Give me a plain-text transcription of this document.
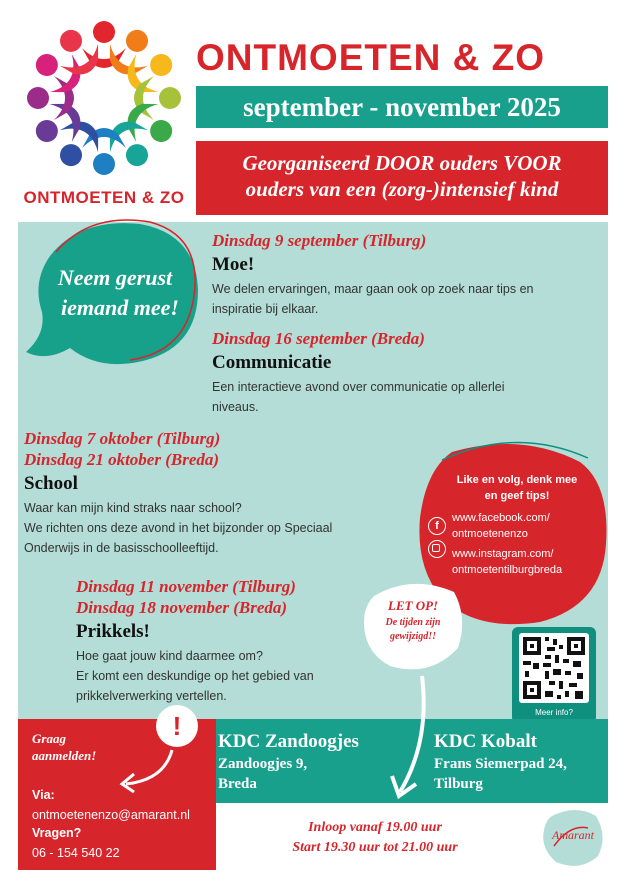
ONTMOETEN & ZO
ONTMOETEN & ZO
september - november 2025
Georganiseerd DOOR ouders VOOR
ouders van een (zorg-)intensief kind
Neem gerust
iemand mee!
Dinsdag 9 september (Tilburg)
Moe!
We delen ervaringen, maar gaan ook op zoek naar tips en
inspiratie bij elkaar.
Dinsdag 16 september (Breda)
Communicatie
Een interactieve avond over communicatie op allerlei
niveaus.
Dinsdag 7 oktober (Tilburg)
Dinsdag 21 oktober (Breda)
School
Waar kan mijn kind straks naar school?
We richten ons deze avond in het bijzonder op Speciaal
Onderwijs in de basisschoolleeftijd.
Dinsdag 11 november (Tilburg)
Dinsdag 18 november (Breda)
Prikkels!
Hoe gaat jouw kind daarmee om?
Er komt een deskundige op het gebied van
prikkelverwerking vertellen.
Like en volg, denk mee
en geef tips!
f
www.facebook.com/
ontmoetenenzo
www.instagram.com/
ontmoetentilburgbreda
LET OP!
De tijden zijn
gewijzigd!!
Meer info?
!
Graag
aanmelden!
Via:
ontmoetenenzo@amarant.nl
Vragen?
06 - 154 540 22
KDC Zandoogjes
Zandoogjes 9,
Breda
KDC Kobalt
Frans Siemerpad 24,
Tilburg
Inloop vanaf 19.00 uur
Start 19.30 uur tot 21.00 uur
Amarant
